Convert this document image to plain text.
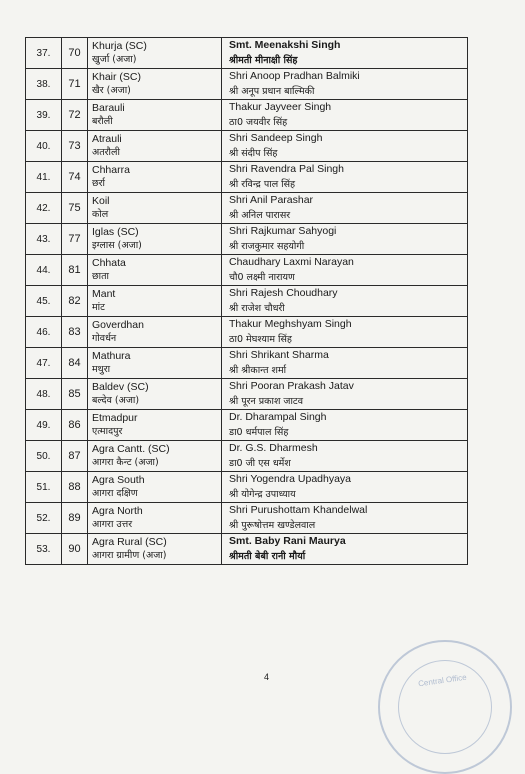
37.	70	Khurja (SC)
खुर्जा (अजा)	Smt. Meenakshi Singh
श्रीमती मीनाक्षी सिंह

38.	71	Khair (SC)
खैर (अजा)	Shri Anoop Pradhan Balmiki
श्री अनूप प्रधान बाल्मिकी

39.	72	Barauli
बरौली	Thakur Jayveer Singh
ठा0 जयवीर सिंह

40.	73	Atrauli
अतरौली	Shri Sandeep Singh
श्री संदीप सिंह

41.	74	Chharra
छर्रा	Shri Ravendra Pal Singh
श्री रविन्द्र पाल सिंह

42.	75	Koil
कोल	Shri Anil Parashar
श्री अनिल पारासर

43.	77	Iglas (SC)
इग्लास (अजा)	Shri Rajkumar Sahyogi
श्री राजकुमार सहयोगी

44.	81	Chhata
छाता	Chaudhary Laxmi Narayan
चौ0 लक्ष्मी नारायण

45.	82	Mant
मांट	Shri Rajesh Choudhary
श्री राजेश चौधरी

46.	83	Goverdhan
गोवर्धन	Thakur Meghshyam Singh
ठा0 मेघश्याम सिंह

47.	84	Mathura
मथुरा	Shri Shrikant Sharma
श्री श्रीकान्त शर्मा

48.	85	Baldev (SC)
बल्देव (अजा)	Shri Pooran Prakash Jatav
श्री पूरन प्रकाश जाटव

49.	86	Etmadpur
एत्मादपुर	Dr. Dharampal Singh
डा0 धर्मपाल सिंह

50.	87	Agra Cantt. (SC)
आगरा कैन्ट (अजा)	Dr. G.S. Dharmesh
डा0 जी एस धर्मेश

51.	88	Agra South
आगरा दक्षिण	Shri Yogendra Upadhyaya
श्री योगेन्द्र उपाध्याय

52.	89	Agra North
आगरा उत्तर	Shri Purushottam Khandelwal
श्री पुरूषोत्तम खण्डेलवाल

53.	90	Agra Rural (SC)
आगरा ग्रामीण (अजा)	Smt. Baby Rani Maurya
श्रीमती बेबी रानी मौर्या
Central Office
4
